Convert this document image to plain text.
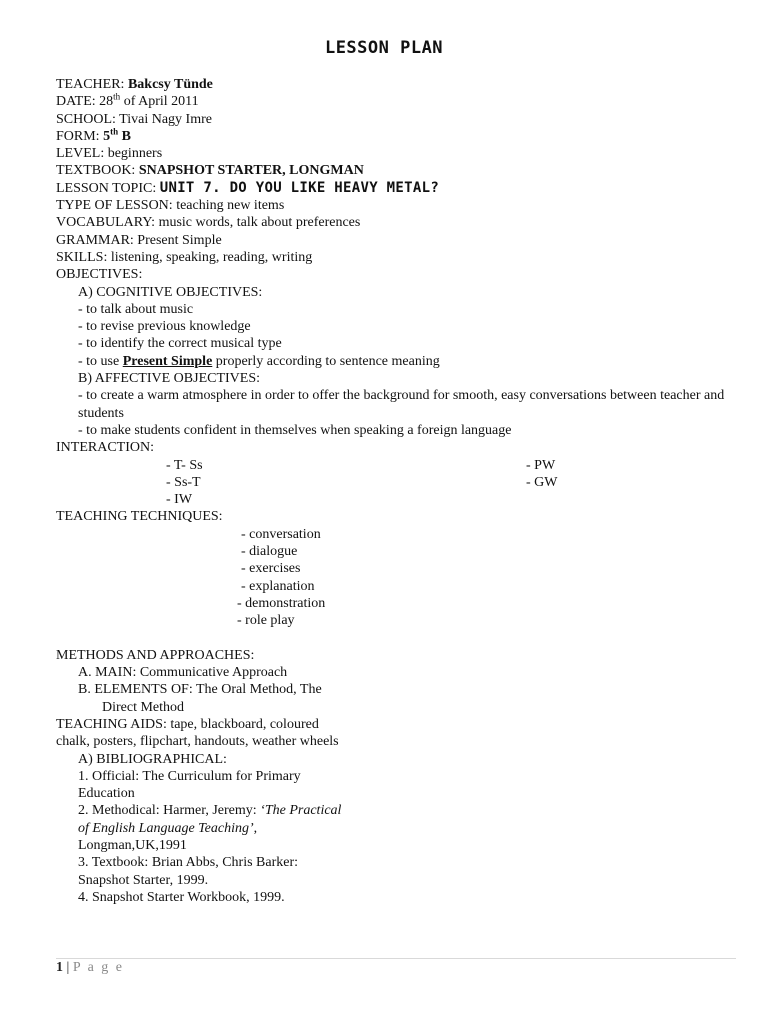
LESSON PLAN
TEACHER: Bakcsy Tünde
DATE: 28th of April 2011
SCHOOL: Tivai Nagy Imre
FORM: 5th B
LEVEL: beginners
TEXTBOOK: SNAPSHOT STARTER, LONGMAN
LESSON TOPIC: UNIT 7. DO YOU LIKE HEAVY METAL?
TYPE OF LESSON: teaching new items
VOCABULARY: music words, talk about preferences
GRAMMAR: Present Simple
SKILLS: listening, speaking, reading, writing
OBJECTIVES:
A) COGNITIVE OBJECTIVES:
- to talk about music
- to revise previous knowledge
- to identify the correct musical type
- to use Present Simple properly according to sentence meaning
B) AFFECTIVE OBJECTIVES:
- to create a warm atmosphere in order to offer the background for smooth, easy conversations between teacher and students
- to make students confident in themselves when speaking a foreign language
INTERACTION:
- T- Ss	- PW
- Ss-T	- GW
- IW
TEACHING TECHNIQUES:
- conversation
- dialogue
- exercises
- explanation
- demonstration
- role play
METHODS AND APPROACHES:
A. MAIN: Communicative Approach
B. ELEMENTS OF: The Oral Method, The
Direct Method
TEACHING AIDS: tape, blackboard, coloured
chalk, posters, flipchart, handouts, weather wheels
A) BIBLIOGRAPHICAL:
1. Official: The Curriculum for Primary
Education
2. Methodical: Harmer, Jeremy: ‘The Practical
of English Language Teaching’,
Longman,UK,1991
3. Textbook: Brian Abbs, Chris Barker:
Snapshot Starter, 1999.
4. Snapshot Starter Workbook, 1999.
1 | P a g e
